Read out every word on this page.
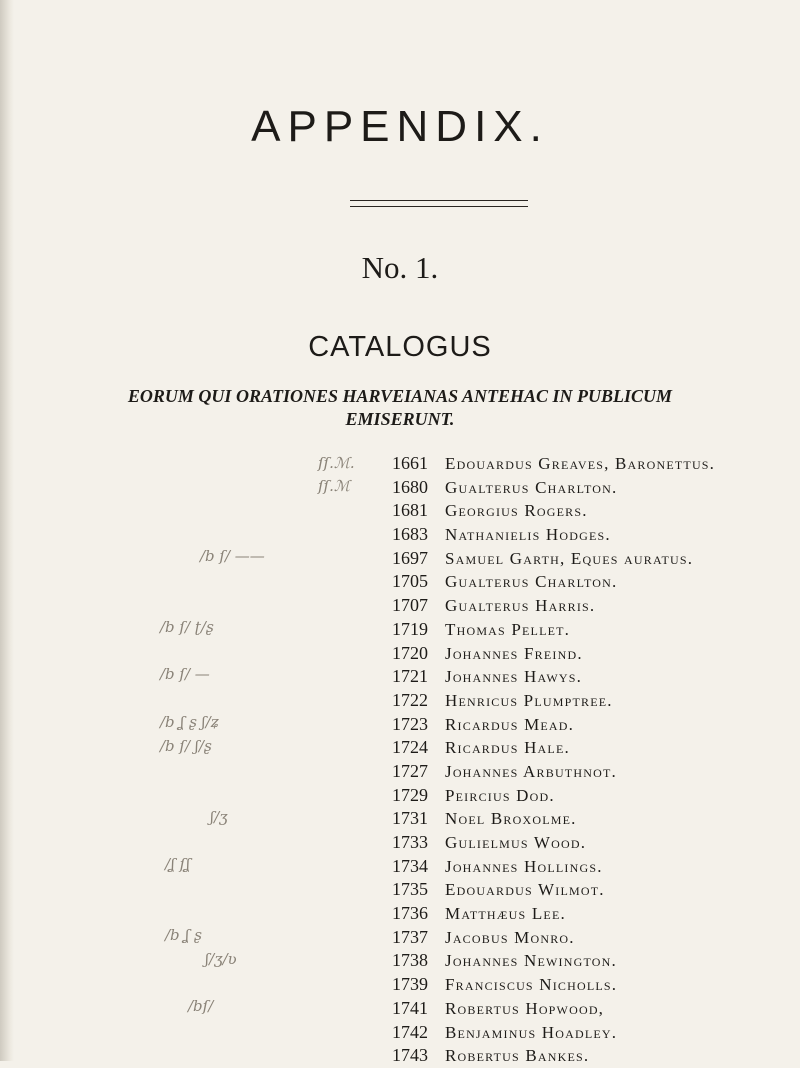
APPENDIX.
No. 1.
CATALOGUS
EORUM QUI ORATIONES HARVEIANAS ANTEHAC IN PUBLICUM
EMISERUNT.
ſſ.ℳ.
ſſ.ℳ
/b ſ/ ——
/b ſ/ ʈ/ʂ
/b ſ/ —
/b ʆ ʂ ʃ/ʑ
/b ſ/ ʃ/ʂ
ʃ/ʒ
/ʆ ſʆ
/b ʆ ʂ
ʃ/ʒ/ʋ
/bſ/
1661 Edouardus Greaves, Baronettus.
1680 Gualterus Charlton.
1681 Georgius Rogers.
1683 Nathanielis Hodges.
1697 Samuel Garth, Eques auratus.
1705 Gualterus Charlton.
1707 Gualterus Harris.
1719 Thomas Pellet.
1720 Johannes Freind.
1721 Johannes Hawys.
1722 Henricus Plumptree.
1723 Ricardus Mead.
1724 Ricardus Hale.
1727 Johannes Arbuthnot.
1729 Peircius Dod.
1731 Noel Broxolme.
1733 Gulielmus Wood.
1734 Johannes Hollings.
1735 Edouardus Wilmot.
1736 Matthæus Lee.
1737 Jacobus Monro.
1738 Johannes Newington.
1739 Franciscus Nicholls.
1741 Robertus Hopwood,
1742 Benjaminus Hoadley.
1743 Robertus Bankes.
